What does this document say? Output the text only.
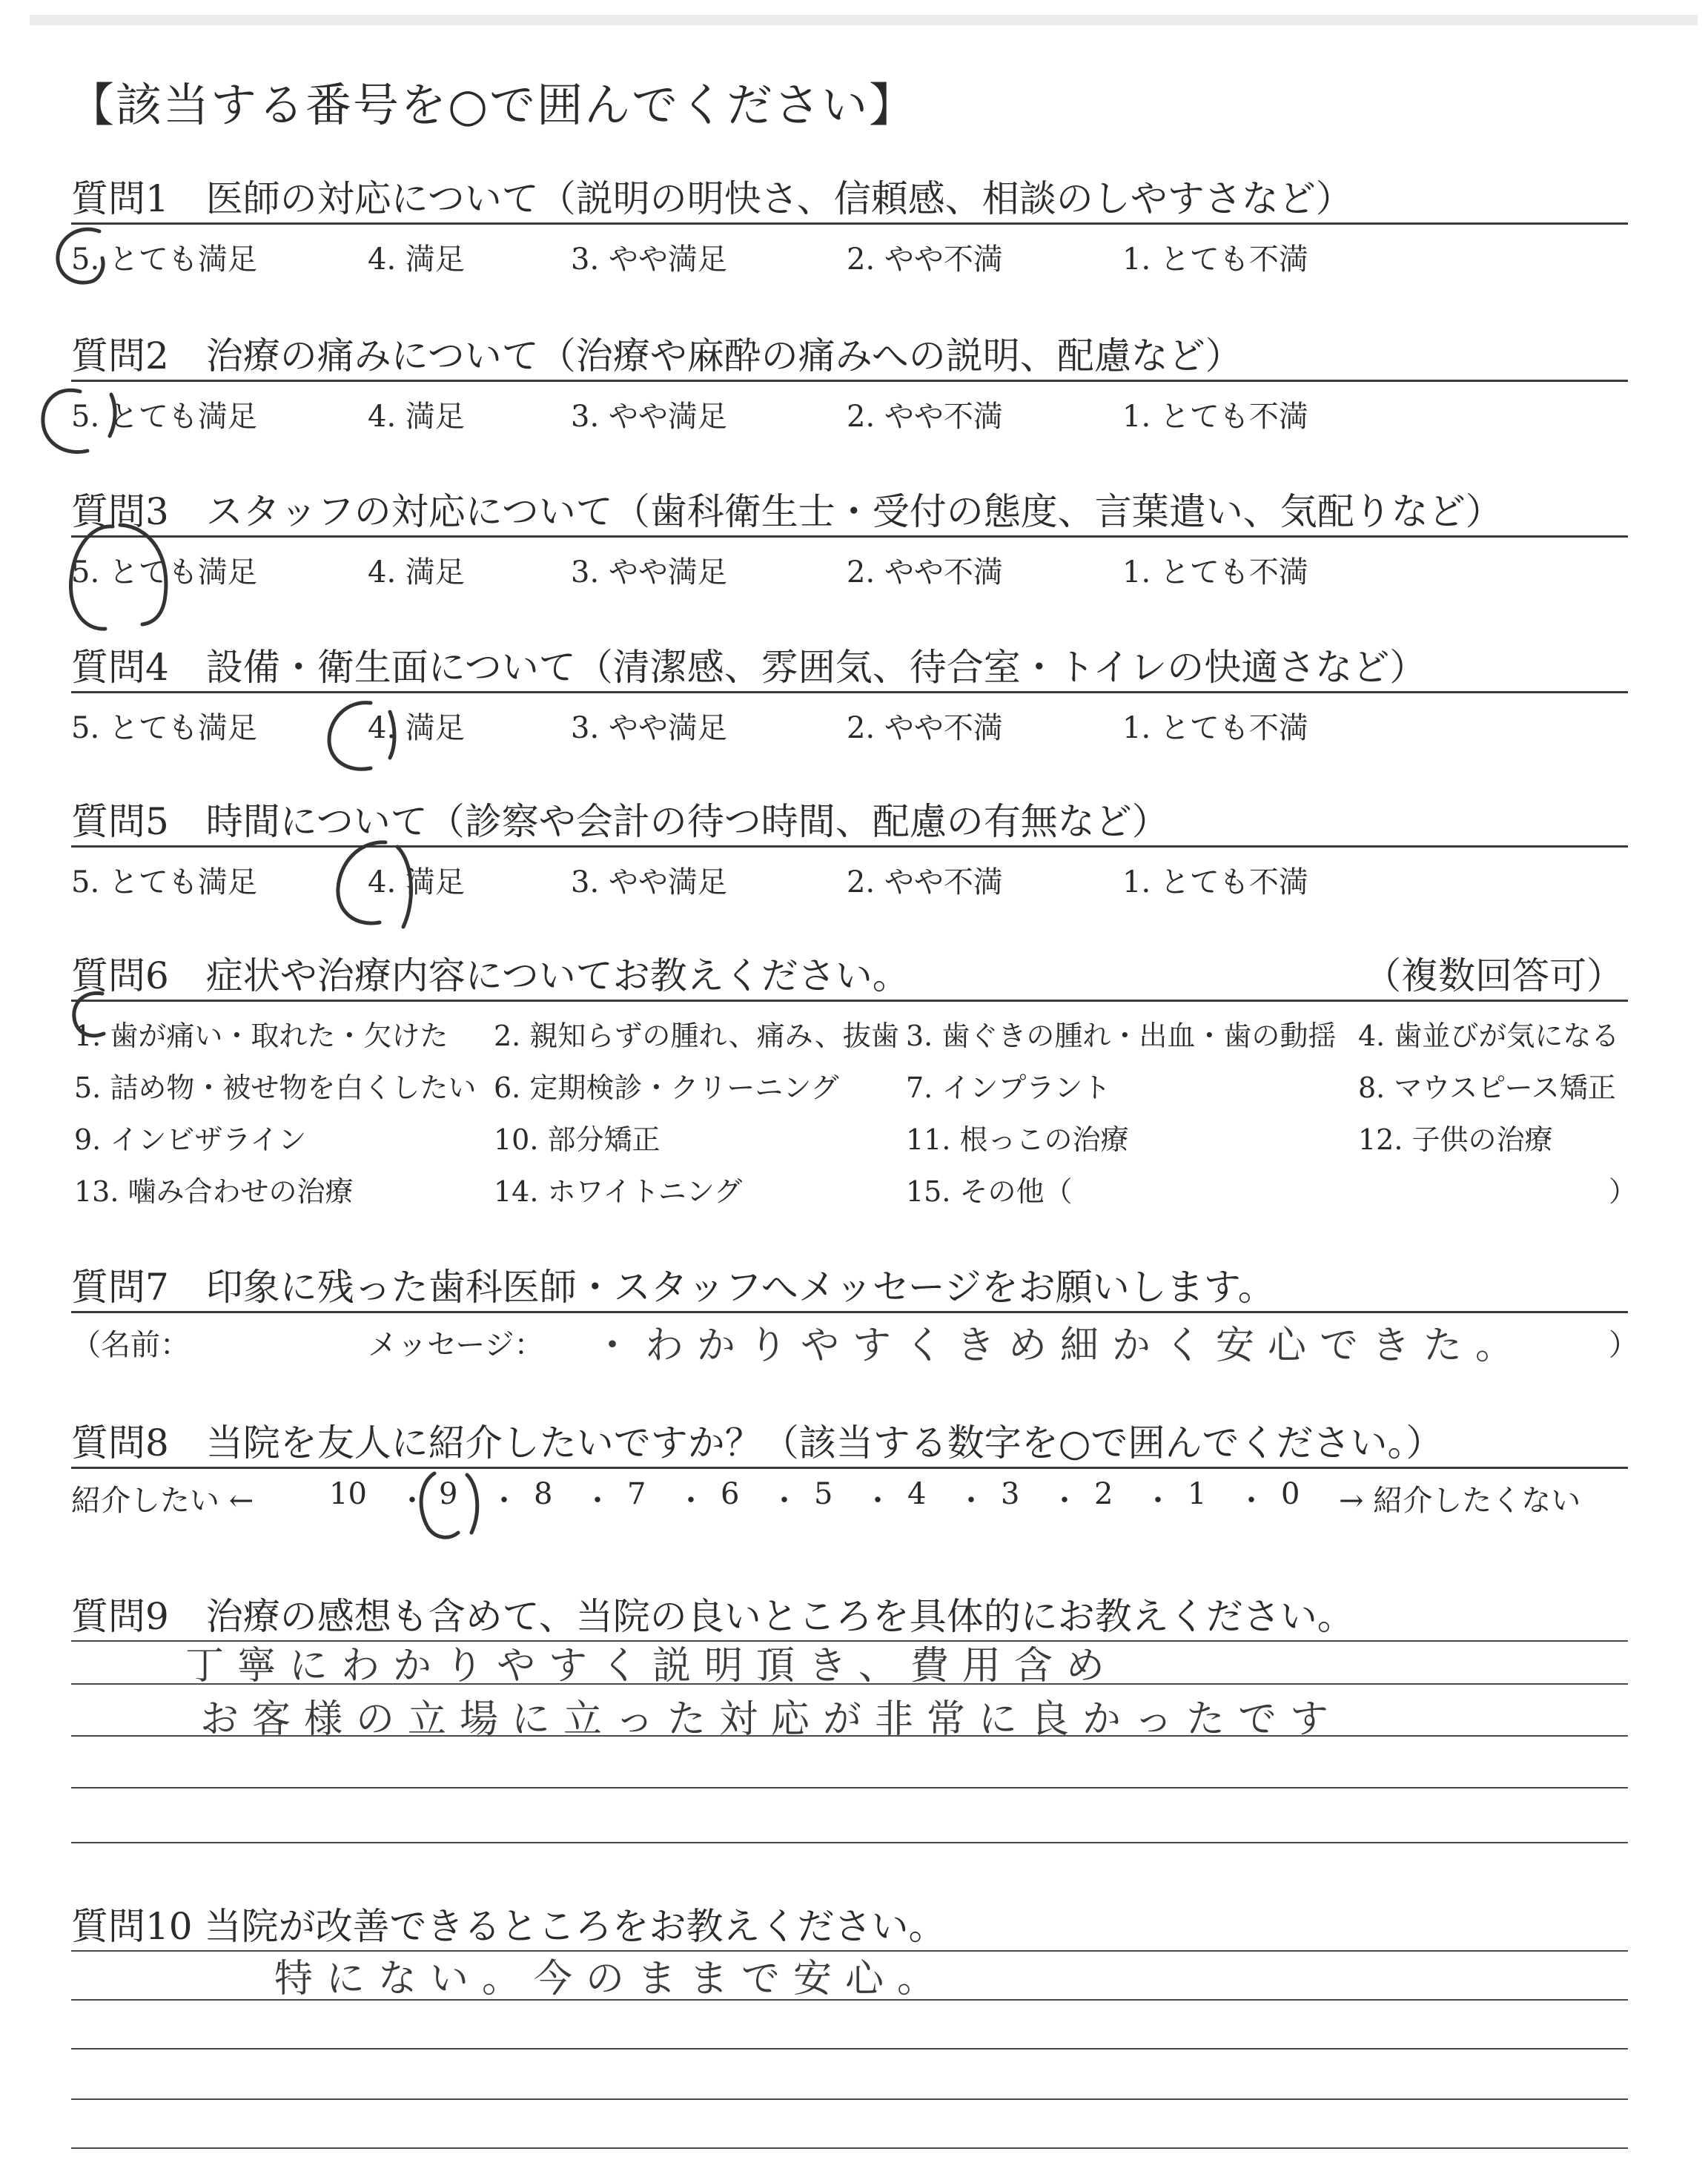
【該当する番号を○で囲んでください】
質問1　医師の対応について（説明の明快さ、信頼感、相談のしやすさなど）
5. とても満足	4. 満足	3. やや満足	2. やや不満	1. とても不満
質問2　治療の痛みについて（治療や麻酔の痛みへの説明、配慮など）
5. とても満足	4. 満足	3. やや満足	2. やや不満	1. とても不満
質問3　スタッフの対応について（歯科衛生士・受付の態度、言葉遣い、気配りなど）
5. とても満足	4. 満足	3. やや満足	2. やや不満	1. とても不満
質問4　設備・衛生面について（清潔感、雰囲気、待合室・トイレの快適さなど）
5. とても満足	4. 満足	3. やや満足	2. やや不満	1. とても不満
質問5　時間について（診察や会計の待つ時間、配慮の有無など）
5. とても満足	4. 満足	3. やや満足	2. やや不満	1. とても不満
質問6　症状や治療内容についてお教えください。	（複数回答可）
1. 歯が痛い・取れた・欠けた 2. 親知らずの腫れ、痛み、抜歯 3. 歯ぐきの腫れ・出血・歯の動揺 4. 歯並びが気になる
5. 詰め物・被せ物を白くしたい 6. 定期検診・クリーニング 7. インプラント	8. マウスピース矯正
9. インビザライン	10. 部分矯正	11. 根っこの治療	12. 子供の治療
13. 噛み合わせの治療	14. ホワイトニング	15. その他（	）
質問7　印象に残った歯科医師・スタッフへメッセージをお願いします。
（名前：	メッセージ： ・わかりやすくきめ細かく安心できた。	）
質問8　当院を友人に紹介したいですか？（該当する数字を○で囲んでください。）
紹介したい ←	10 9	8	7	6	5	4	3	2	1	0
・ ・ ・ ・ ・ ・ ・ ・ ・ ・ → 紹介したくない
質問9　治療の感想も含めて、当院の良いところを具体的にお教えください。
丁寧にわかりやすく説明頂き、費用含め
お客様の立場に立った対応が非常に良かったです
質問10 当院が改善できるところをお教えください。
特にない。今のままで安心。
